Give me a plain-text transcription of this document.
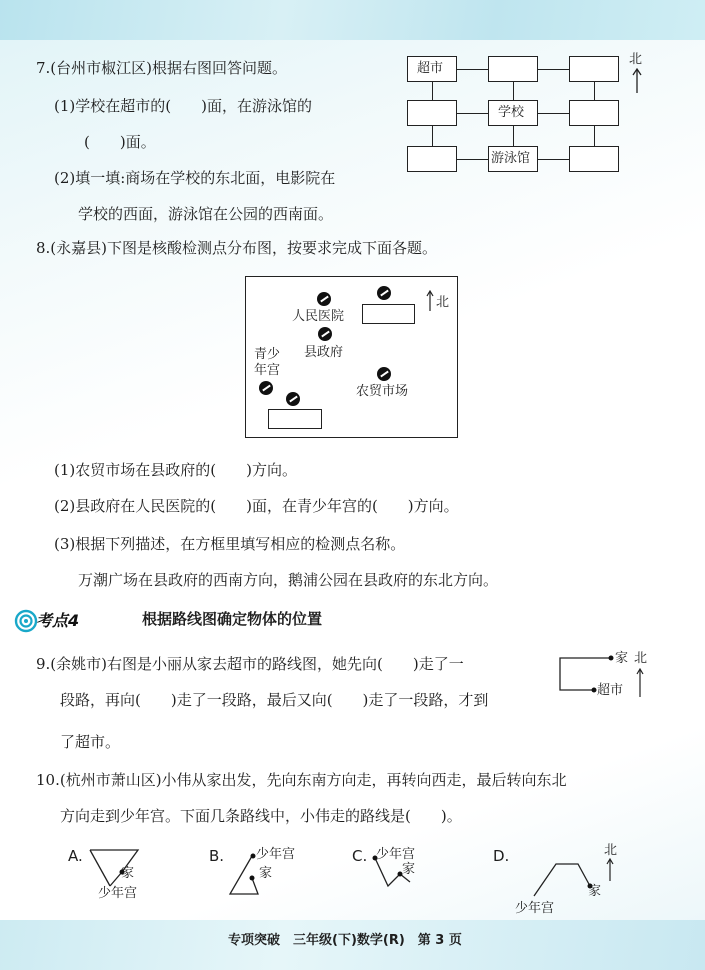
7.(台州市椒江区)根据右图回答问题。
(1)学校在超市的(　　)面，在游泳馆的
(　　)面。
(2)填一填:商场在学校的东北面，电影院在
学校的西面，游泳馆在公园的西南面。
超市
学校
游泳馆
北
8.(永嘉县)下图是核酸检测点分布图，按要求完成下面各题。
人民医院
北
县政府
青少
年宫
农贸市场
(1)农贸市场在县政府的(　　)方向。
(2)县政府在人民医院的(　　)面，在青少年宫的(　　)方向。
(3)根据下列描述，在方框里填写相应的检测点名称。
万潮广场在县政府的西南方向，鹅浦公园在县政府的东北方向。
考点4	根据路线图确定物体的位置
9.(余姚市)右图是小丽从家去超市的路线图，她先向(　　)走了一
段路，再向(　　)走了一段路，最后又向(　　)走了一段路，才到
了超市。
家
超市
北
10.(杭州市萧山区)小伟从家出发，先向东南方向走，再转向西走，最后转向东北
方向走到少年宫。下面几条路线中，小伟走的路线是(　　)。
A.
家
少年宫
B. 少年宫
家
C. 少年宫
家
D.
家
少年宫
北
专项突破　三年级(下)数学(R)　第 3 页
